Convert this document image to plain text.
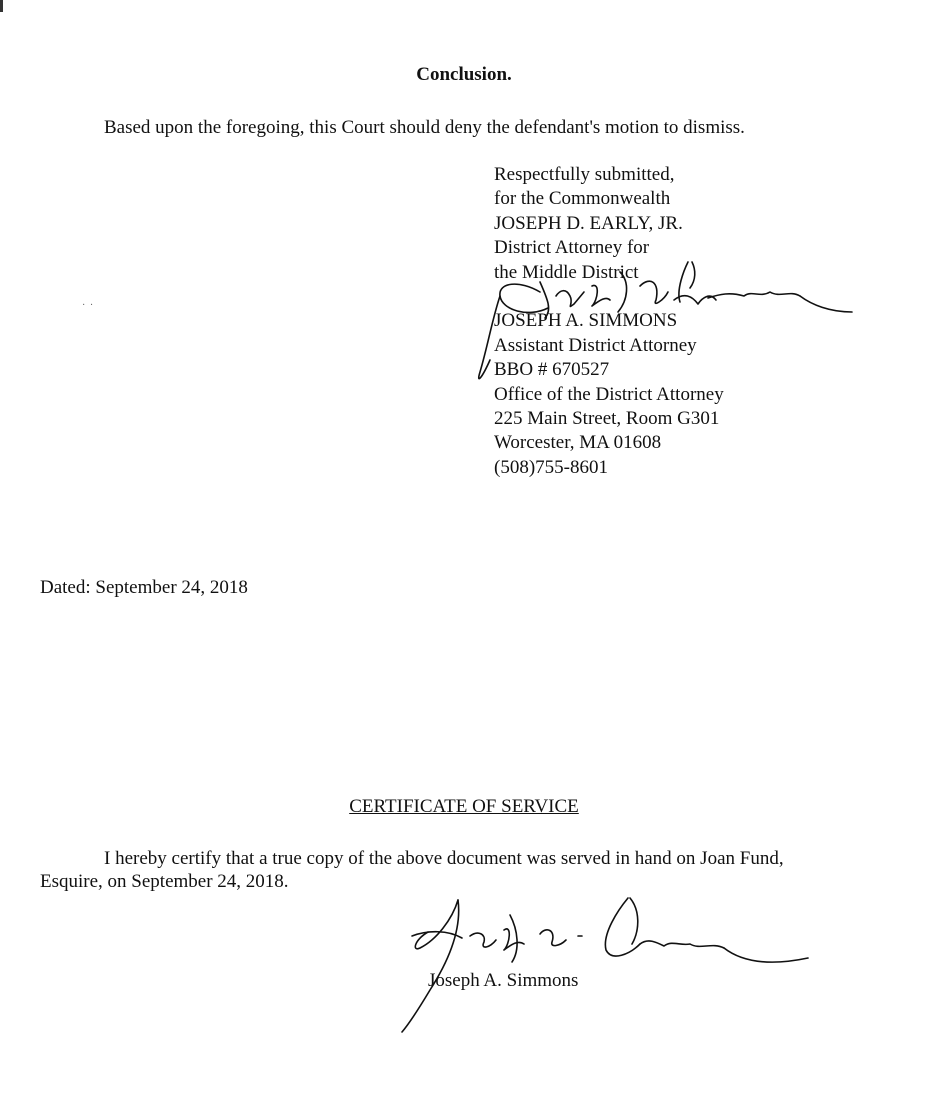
Conclusion.
Based upon the foregoing, this Court should deny the defendant's motion to dismiss.
Respectfully submitted,
for the Commonwealth
JOSEPH D. EARLY, JR.
District Attorney for
the Middle District
JOSEPH A. SIMMONS
Assistant District Attorney
BBO # 670527
Office of the District Attorney
225 Main Street, Room G301
Worcester, MA 01608
(508)755-8601
· ·
Dated: September 24, 2018
CERTIFICATE OF SERVICE
I hereby certify that a true copy of the above document was served in hand on Joan Fund,
Esquire, on September 24, 2018.
Joseph A. Simmons
